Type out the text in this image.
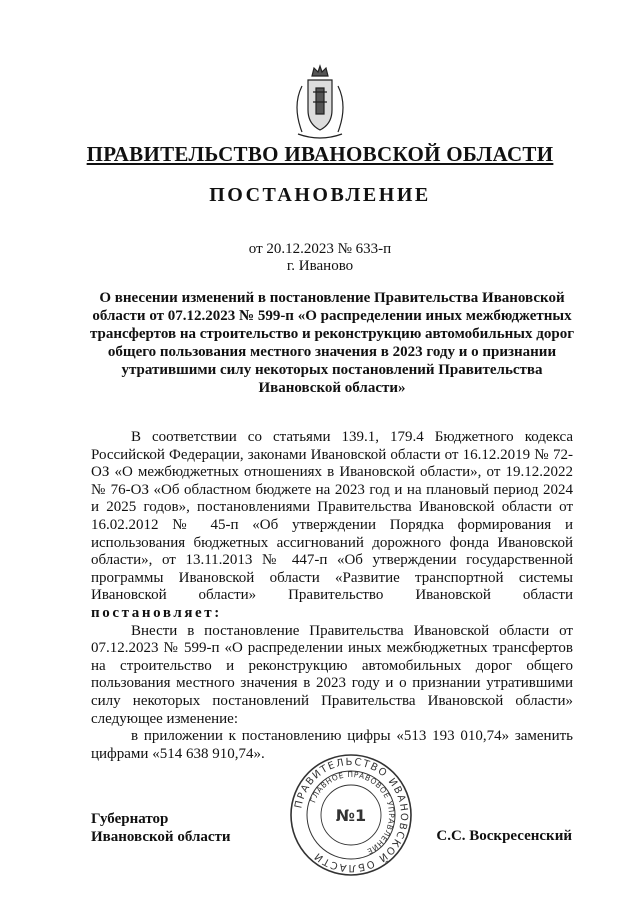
ПРАВИТЕЛЬСТВО ИВАНОВСКОЙ ОБЛАСТИ
ПОСТАНОВЛЕНИЕ
от 20.12.2023 № 633-п
г. Иваново
О внесении изменений в постановление Правительства Ивановской области от 07.12.2023 № 599-п «О распределении иных межбюджетных трансфертов на строительство и реконструкцию автомобильных дорог общего пользования местного значения в 2023 году и о признании утратившими силу некоторых постановлений Правительства Ивановской области»

В соответствии со статьями 139.1, 179.4 Бюджетного кодекса Российской Федерации, законами Ивановской области от 16.12.2019 № 72-ОЗ «О межбюджетных отношениях в Ивановской области», от 19.12.2022 № 76-ОЗ «Об областном бюджете на 2023 год и на плановый период 2024 и 2025 годов», постановлениями Правительства Ивановской области от 16.02.2012 № 45-п «Об утверждении Порядка формирования и использования бюджетных ассигнований дорожного фонда Ивановской области», от 13.11.2013 № 447-п «Об утверждении государственной программы Ивановской области «Развитие транспортной системы Ивановской области» Правительство Ивановской области постановляет:

Внести в постановление Правительства Ивановской области от 07.12.2023 № 599-п «О распределении иных межбюджетных трансфертов на строительство и реконструкцию автомобильных дорог общего пользования местного значения в 2023 году и о признании утратившими силу некоторых постановлений Правительства Ивановской области» следующее изменение:

в приложении к постановлению цифры «513 193 010,74» заменить цифрами «514 638 910,74».

Губернатор
Ивановской области	С.С. Воскресенский
ПРАВИТЕЛЬСТВО ИВАНОВСКОЙ ОБЛАСТИ
ГЛАВНОЕ ПРАВОВОЕ УПРАВЛЕНИЕ
№1
